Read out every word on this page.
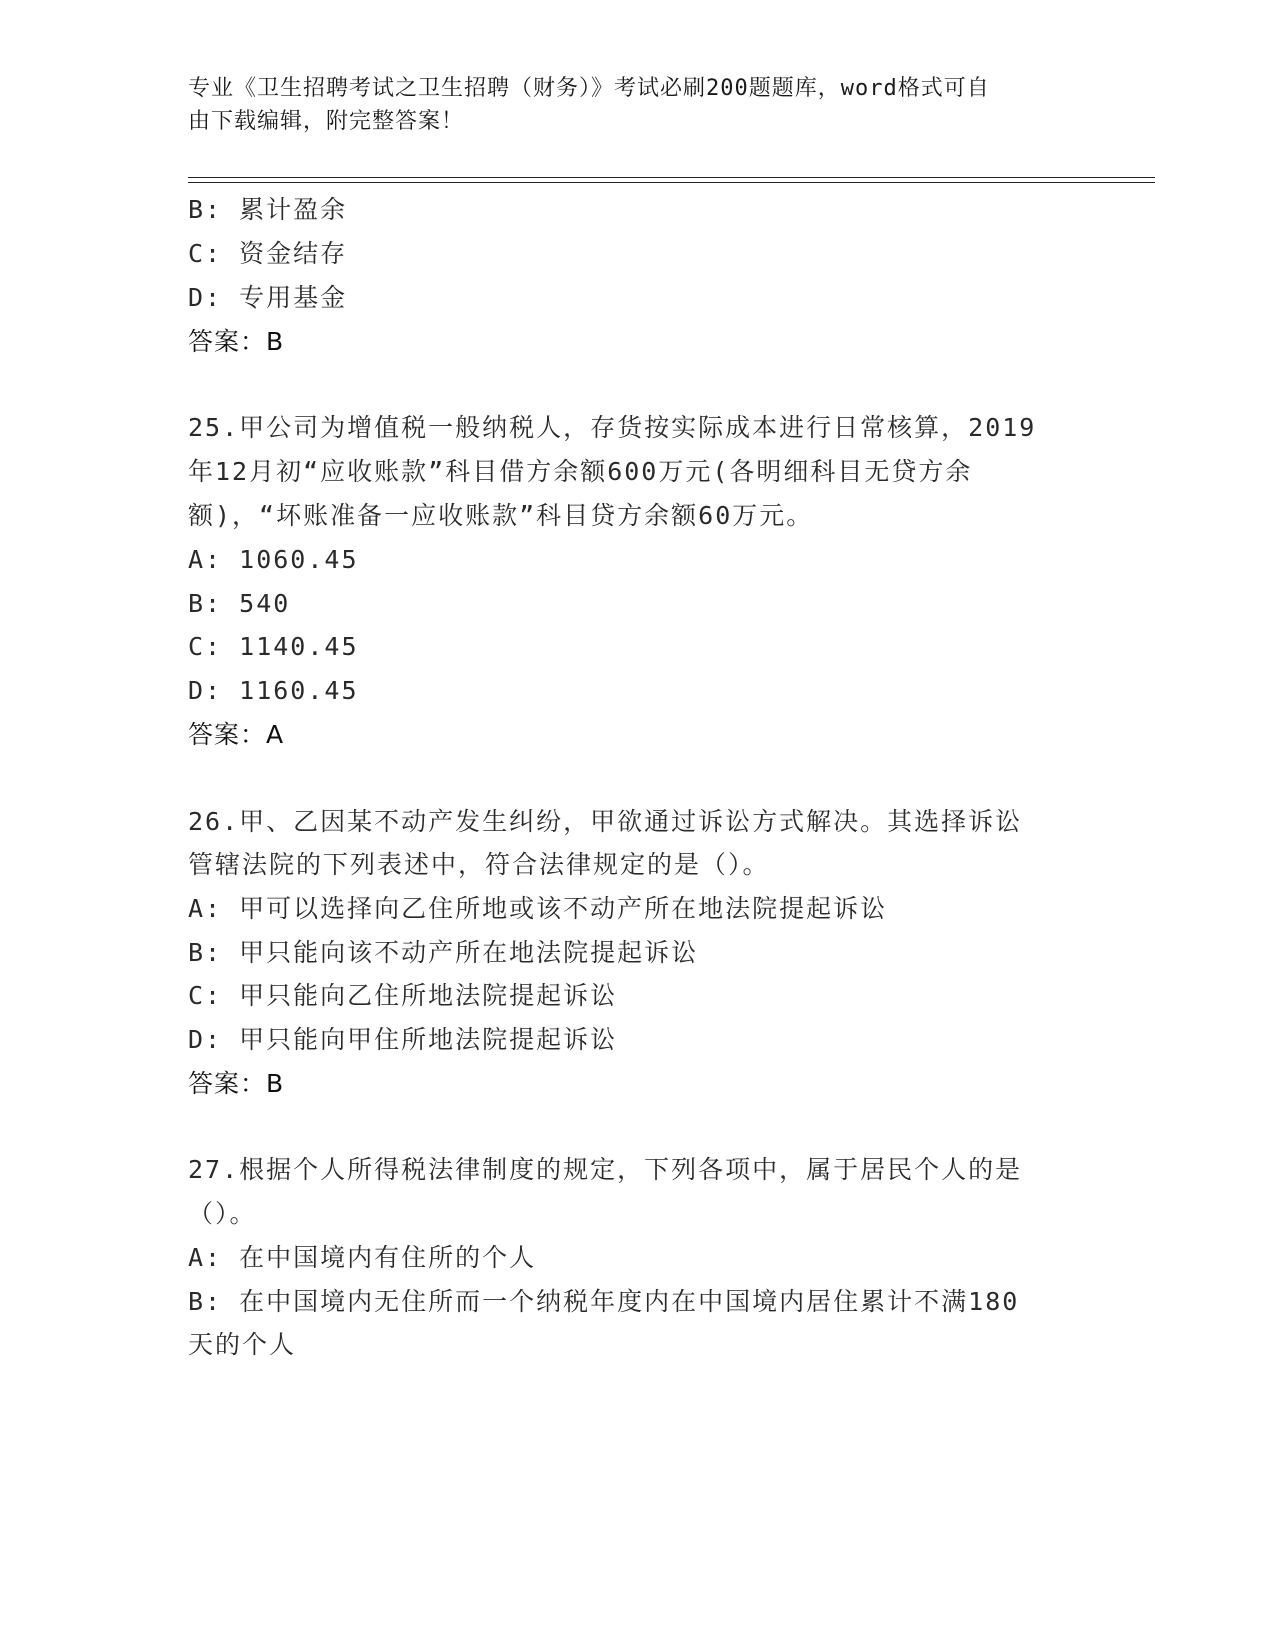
专业《卫生招聘考试之卫生招聘（财务）》考试必刷200题题库，word格式可自
由下载编辑，附完整答案！
B: 累计盈余
C: 资金结存
D: 专用基金
答案：B
25.甲公司为增值税一般纳税人，存货按实际成本进行日常核算，2019
年12月初“应收账款”科目借方余额600万元(各明细科目无贷方余
额)，“坏账准备一应收账款”科目贷方余额60万元。
A: 1060.45
B: 540
C: 1140.45
D: 1160.45
答案：A
26.甲、乙因某不动产发生纠纷，甲欲通过诉讼方式解决。其选择诉讼
管辖法院的下列表述中，符合法律规定的是（）。
A: 甲可以选择向乙住所地或该不动产所在地法院提起诉讼
B: 甲只能向该不动产所在地法院提起诉讼
C: 甲只能向乙住所地法院提起诉讼
D: 甲只能向甲住所地法院提起诉讼
答案：B
27.根据个人所得税法律制度的规定，下列各项中，属于居民个人的是
（）。
A: 在中国境内有住所的个人
B: 在中国境内无住所而一个纳税年度内在中国境内居住累计不满180
天的个人
